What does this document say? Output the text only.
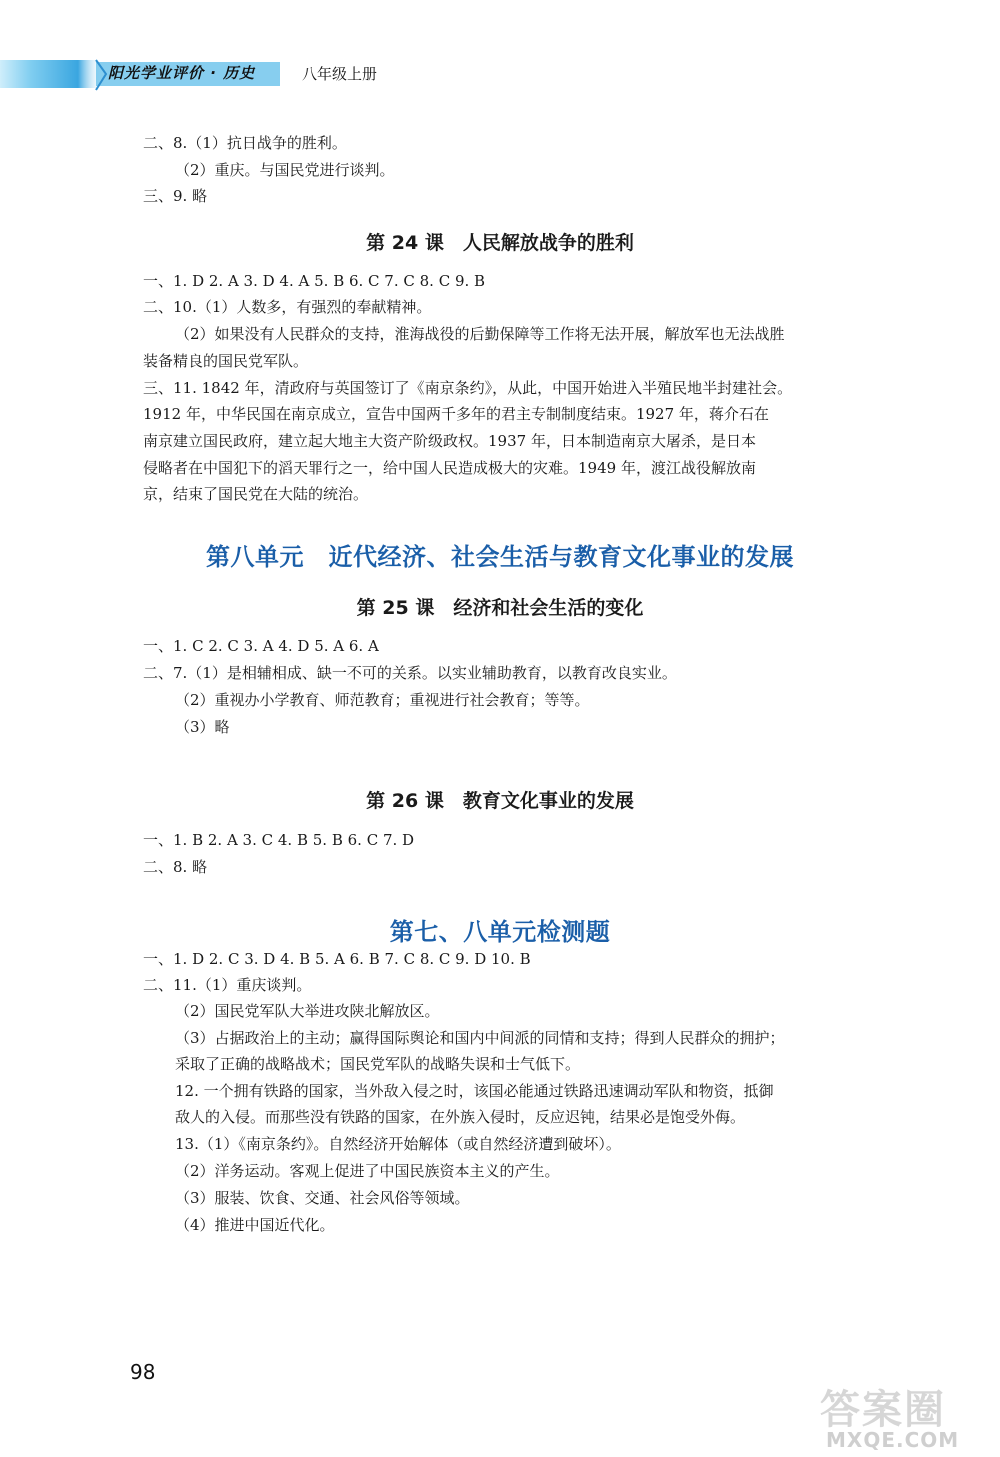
阳光学业评价 · 历史	八年级上册
二、8.（1）抗日战争的胜利。
（2）重庆。与国民党进行谈判。
三、9. 略
第 24 课　人民解放战争的胜利
一、1. D 2. A 3. D 4. A 5. B 6. C 7. C 8. C 9. B
二、10.（1）人数多，有强烈的奉献精神。
（2）如果没有人民群众的支持，淮海战役的后勤保障等工作将无法开展，解放军也无法战胜
装备精良的国民党军队。
三、11. 1842 年，清政府与英国签订了《南京条约》，从此，中国开始进入半殖民地半封建社会。
1912 年，中华民国在南京成立，宣告中国两千多年的君主专制制度结束。1927 年，蒋介石在
南京建立国民政府，建立起大地主大资产阶级政权。1937 年，日本制造南京大屠杀，是日本
侵略者在中国犯下的滔天罪行之一，给中国人民造成极大的灾难。1949 年，渡江战役解放南
京，结束了国民党在大陆的统治。
第八单元　近代经济、社会生活与教育文化事业的发展
第 25 课　经济和社会生活的变化
一、1. C 2. C 3. A 4. D 5. A 6. A
二、7.（1）是相辅相成、缺一不可的关系。以实业辅助教育，以教育改良实业。
（2）重视办小学教育、师范教育；重视进行社会教育；等等。
（3）略
第 26 课　教育文化事业的发展
一、1. B 2. A 3. C 4. B 5. B 6. C 7. D
二、8. 略
第七、八单元检测题
一、1. D 2. C 3. D 4. B 5. A 6. B 7. C 8. C 9. D 10. B
二、11.（1）重庆谈判。
（2）国民党军队大举进攻陕北解放区。
（3）占据政治上的主动；赢得国际舆论和国内中间派的同情和支持；得到人民群众的拥护；
采取了正确的战略战术；国民党军队的战略失误和士气低下。
12. 一个拥有铁路的国家，当外敌入侵之时，该国必能通过铁路迅速调动军队和物资，抵御
敌人的入侵。而那些没有铁路的国家，在外族入侵时，反应迟钝，结果必是饱受外侮。
13.（1）《南京条约》。自然经济开始解体（或自然经济遭到破坏）。
（2）洋务运动。客观上促进了中国民族资本主义的产生。
（3）服装、饮食、交通、社会风俗等领域。
（4）推进中国近代化。
98
答案圈
MXQE.COM
